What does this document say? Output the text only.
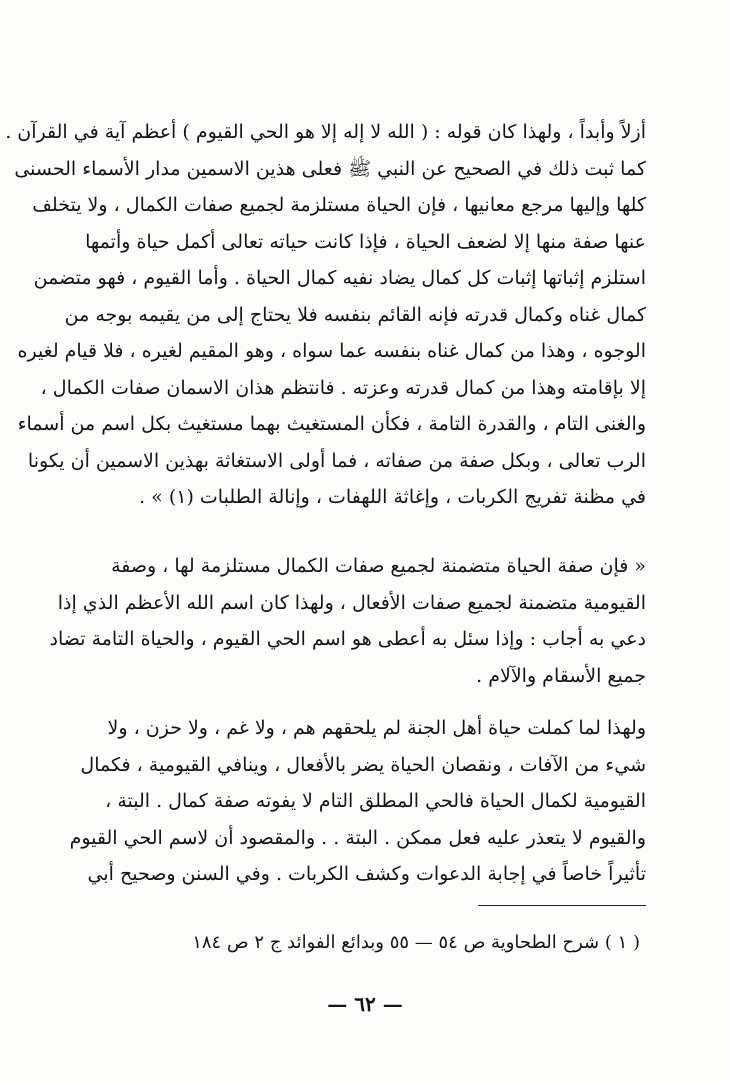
أزلاً وأبداً ، ولهذا كان قوله : ( الله لا إله إلا هو الحي القيوم ) أعظم آية في القرآن .
كما ثبت ذلك في الصحيح عن النبي ﷺ فعلى هذين الاسمين مدار الأسماء الحسنى
كلها وإليها مرجع معانيها ، فإن الحياة مستلزمة لجميع صفات الكمال ، ولا يتخلف
عنها صفة منها إلا لضعف الحياة ، فإذا كانت حياته تعالى أكمل حياة وأتمها
استلزم إثباتها إثبات كل كمال يضاد نفيه كمال الحياة . وأما القيوم ، فهو متضمن
كمال غناه وكمال قدرته فإنه القائم بنفسه فلا يحتاج إلى من يقيمه بوجه من
الوجوه ، وهذا من كمال غناه بنفسه عما سواه ، وهو المقيم لغيره ، فلا قيام لغيره
إلا بإقامته وهذا من كمال قدرته وعزته . فانتظم هذان الاسمان صفات الكمال ،
والغنى التام ، والقدرة التامة ، فكأن المستغيث بهما مستغيث بكل اسم من أسماء
الرب تعالى ، وبكل صفة من صفاته ، فما أولى الاستغاثة بهذين الاسمين أن يكونا
في مظنة تفريج الكربات ، وإغاثة اللهفات ، وإنالة الطلبات (١) » .
« فإن صفة الحياة متضمنة لجميع صفات الكمال مستلزمة لها ، وصفة
القيومية متضمنة لجميع صفات الأفعال ، ولهذا كان اسم الله الأعظم الذي إذا
دعي به أجاب : وإذا سئل به أعطى هو اسم الحي القيوم ، والحياة التامة تضاد
جميع الأسقام والآلام .
ولهذا لما كملت حياة أهل الجنة لم يلحقهم هم ، ولا غم ، ولا حزن ، ولا
شيء من الآفات ، ونقصان الحياة يضر بالأفعال ، وينافي القيومية ، فكمال
القيومية لكمال الحياة فالحي المطلق التام لا يفوته صفة كمال . البتة ،
والقيوم لا يتعذر عليه فعل ممكن . البتة . . والمقصود أن لاسم الحي القيوم
تأثيراً خاصاً في إجابة الدعوات وكشف الكربات . وفي السنن وصحيح أبي
( ١ ) شرح الطحاوية ص ٥٤ — ٥٥ وبدائع الفوائد ج ٢ ص ١٨٤
— ٦٢ —
